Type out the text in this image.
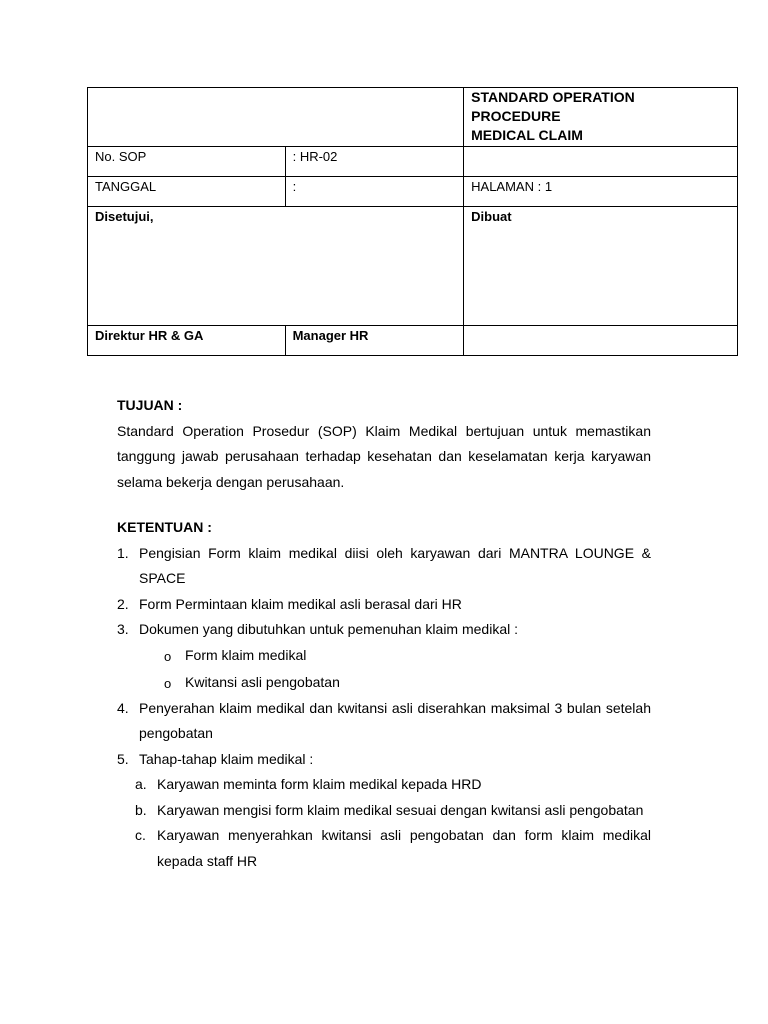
		STANDARD OPERATION
PROCEDURE
MEDICAL CLAIM

No. SOP	: HR-02	
TANGGAL	:	HALAMAN : 1
Disetujui,		Dibuat
Direktur HR & GA	Manager HR	
TUJUAN :
Standard Operation Prosedur (SOP) Klaim Medikal bertujuan untuk memastikan tanggung jawab perusahaan terhadap kesehatan dan keselamatan kerja karyawan selama bekerja dengan perusahaan.
KETENTUAN :
1. Pengisian Form klaim medikal diisi oleh karyawan dari MANTRA LOUNGE & SPACE
2. Form Permintaan klaim medikal asli berasal dari HR
3. Dokumen yang dibutuhkan untuk pemenuhan klaim medikal :
o Form klaim medikal
o Kwitansi asli pengobatan
4. Penyerahan klaim medikal dan kwitansi asli diserahkan maksimal 3 bulan setelah pengobatan
5. Tahap-tahap klaim medikal :
a. Karyawan meminta form klaim medikal kepada HRD
b. Karyawan mengisi form klaim medikal sesuai dengan kwitansi asli pengobatan
c. Karyawan menyerahkan kwitansi asli pengobatan dan form klaim medikal kepada staff HR
